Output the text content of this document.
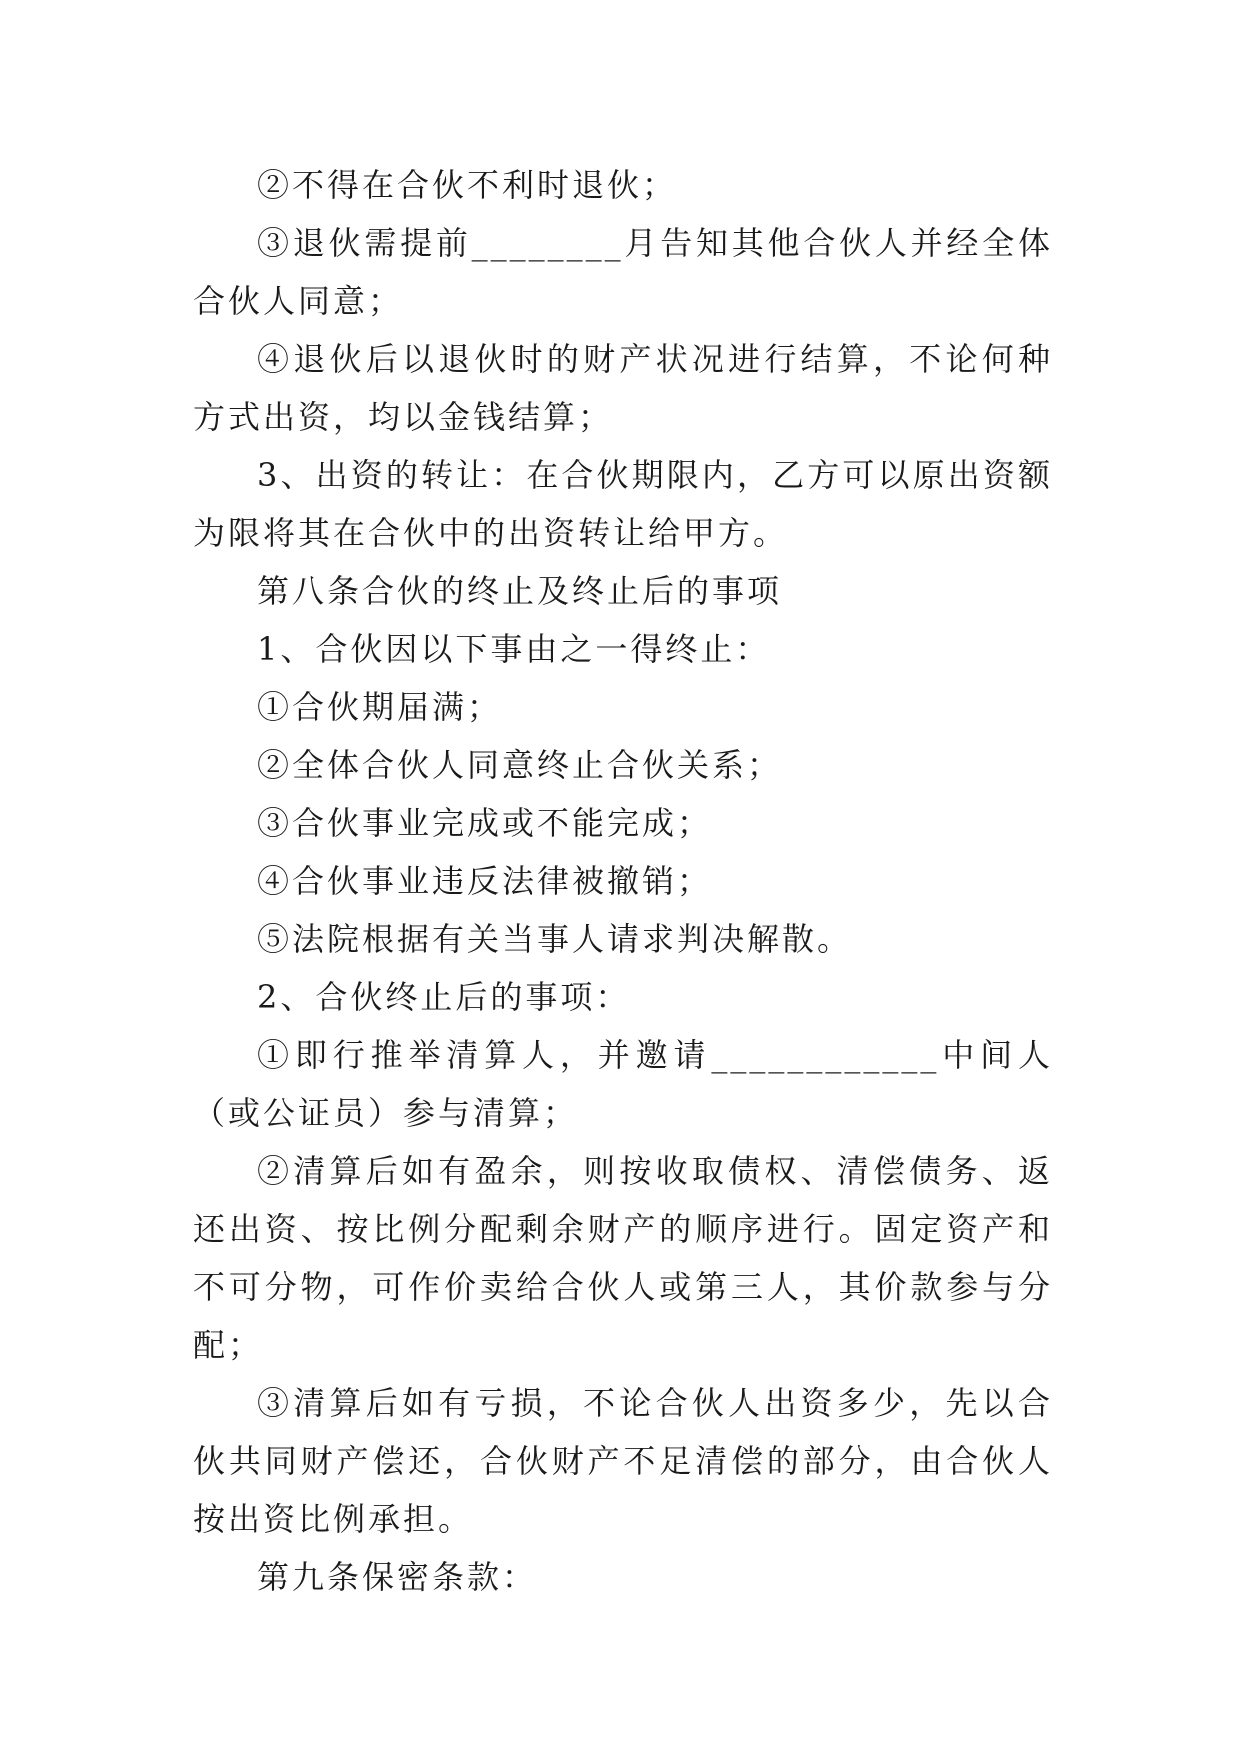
②不得在合伙不利时退伙；

③退伙需提前________月告知其他合伙人并经全体合伙人同意；

④退伙后以退伙时的财产状况进行结算，不论何种方式出资，均以金钱结算；

3、出资的转让：在合伙期限内，乙方可以原出资额为限将其在合伙中的出资转让给甲方。

第八条合伙的终止及终止后的事项

1、合伙因以下事由之一得终止：

①合伙期届满；

②全体合伙人同意终止合伙关系；

③合伙事业完成或不能完成；

④合伙事业违反法律被撤销；

⑤法院根据有关当事人请求判决解散。

2、合伙终止后的事项：

①即行推举清算人，并邀请____________中间人（或公证员）参与清算；

②清算后如有盈余，则按收取债权、清偿债务、返还出资、按比例分配剩余财产的顺序进行。固定资产和不可分物，可作价卖给合伙人或第三人，其价款参与分配；

③清算后如有亏损，不论合伙人出资多少，先以合伙共同财产偿还，合伙财产不足清偿的部分，由合伙人按出资比例承担。

第九条保密条款：
